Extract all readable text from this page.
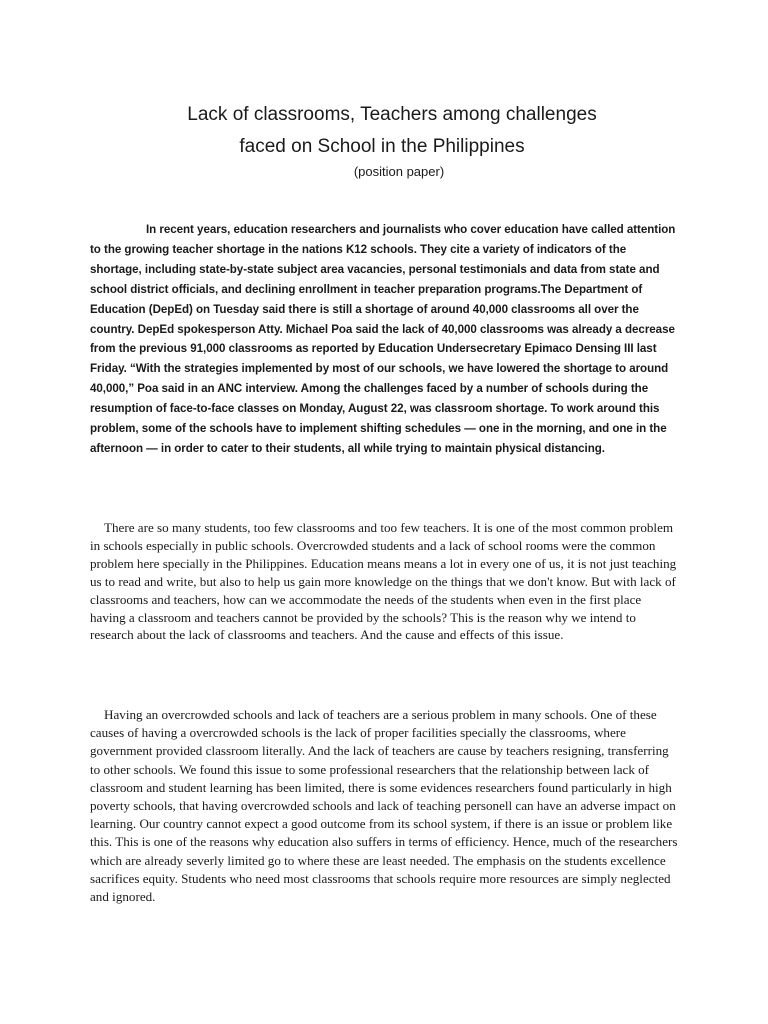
Lack of classrooms, Teachers among challenges
faced on School in the Philippines
(position paper)

In recent years, education researchers and journalists who cover education have called attention to the growing teacher shortage in the nations K12 schools. They cite a variety of indicators of the shortage, including state-by-state subject area vacancies, personal testimonials and data from state and school district officials, and declining enrollment in teacher preparation programs.The Department of Education (DepEd) on Tuesday said there is still a shortage of around 40,000 classrooms all over the country. DepEd spokesperson Atty. Michael Poa said the lack of 40,000 classrooms was already a decrease from the previous 91,000 classrooms as reported by Education Undersecretary Epimaco Densing III last Friday. “With the strategies implemented by most of our schools, we have lowered the shortage to around 40,000,” Poa said in an ANC interview. Among the challenges faced by a number of schools during the resumption of face-to-face classes on Monday, August 22, was classroom shortage. To work around this problem, some of the schools have to implement shifting schedules — one in the morning, and one in the afternoon — in order to cater to their students, all while trying to maintain physical distancing.

There are so many students, too few classrooms and too few teachers. It is one of the most common problem in schools especially in public schools. Overcrowded students and a lack of school rooms were the common problem here specially in the Philippines. Education means means a lot in every one of us, it is not just teaching us to read and write, but also to help us gain more knowledge on the things that we don't know. But with lack of classrooms and teachers, how can we accommodate the needs of the students when even in the first place having a classroom and teachers cannot be provided by the schools? This is the reason why we intend to research about the lack of classrooms and teachers. And the cause and effects of this issue.

Having an overcrowded schools and lack of teachers are a serious problem in many schools. One of these causes of having a overcrowded schools is the lack of proper facilities specially the classrooms, where government provided classroom literally. And the lack of teachers are cause by teachers resigning, transferring to other schools. We found this issue to some professional researchers that the relationship between lack of classroom and student learning has been limited, there is some evidences researchers found particularly in high poverty schools, that having overcrowded schools and lack of teaching personell can have an adverse impact on learning. Our country cannot expect a good outcome from its school system, if there is an issue or problem like this. This is one of the reasons why education also suffers in terms of efficiency. Hence, much of the researchers which are already severly limited go to where these are least needed. The emphasis on the students excellence sacrifices equity. Students who need most classrooms that schools require more resources are simply neglected and ignored.
